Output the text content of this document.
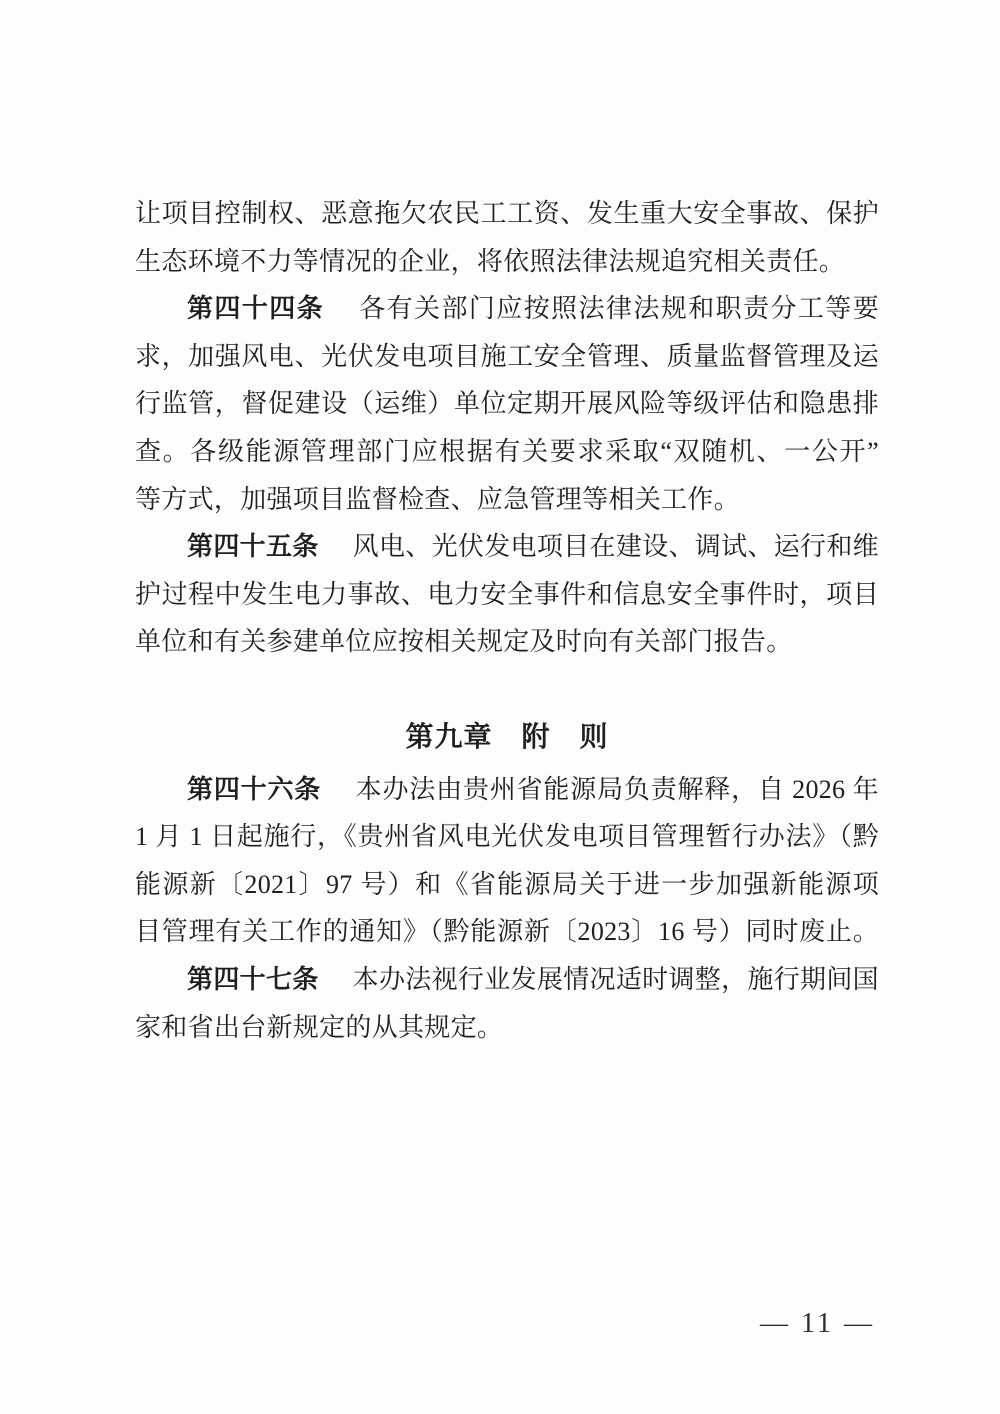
让项目控制权、恶意拖欠农民工工资、发生重大安全事故、保护
生态环境不力等情况的企业，将依照法律法规追究相关责任。
第四十四条 各有关部门应按照法律法规和职责分工等要
求，加强风电、光伏发电项目施工安全管理、质量监督管理及运
行监管，督促建设（运维）单位定期开展风险等级评估和隐患排
查。各级能源管理部门应根据有关要求采取“双随机、一公开”
等方式，加强项目监督检查、应急管理等相关工作。
第四十五条 风电、光伏发电项目在建设、调试、运行和维
护过程中发生电力事故、电力安全事件和信息安全事件时，项目
单位和有关参建单位应按相关规定及时向有关部门报告。
第九章　附　则
第四十六条 本办法由贵州省能源局负责解释，自 2026 年
1 月 1 日起施行，《贵州省风电光伏发电项目管理暂行办法》（黔
能源新〔2021〕97 号）和《省能源局关于进一步加强新能源项
目管理有关工作的通知》（黔能源新〔2023〕16 号）同时废止。
第四十七条 本办法视行业发展情况适时调整，施行期间国
家和省出台新规定的从其规定。
— 11 —
